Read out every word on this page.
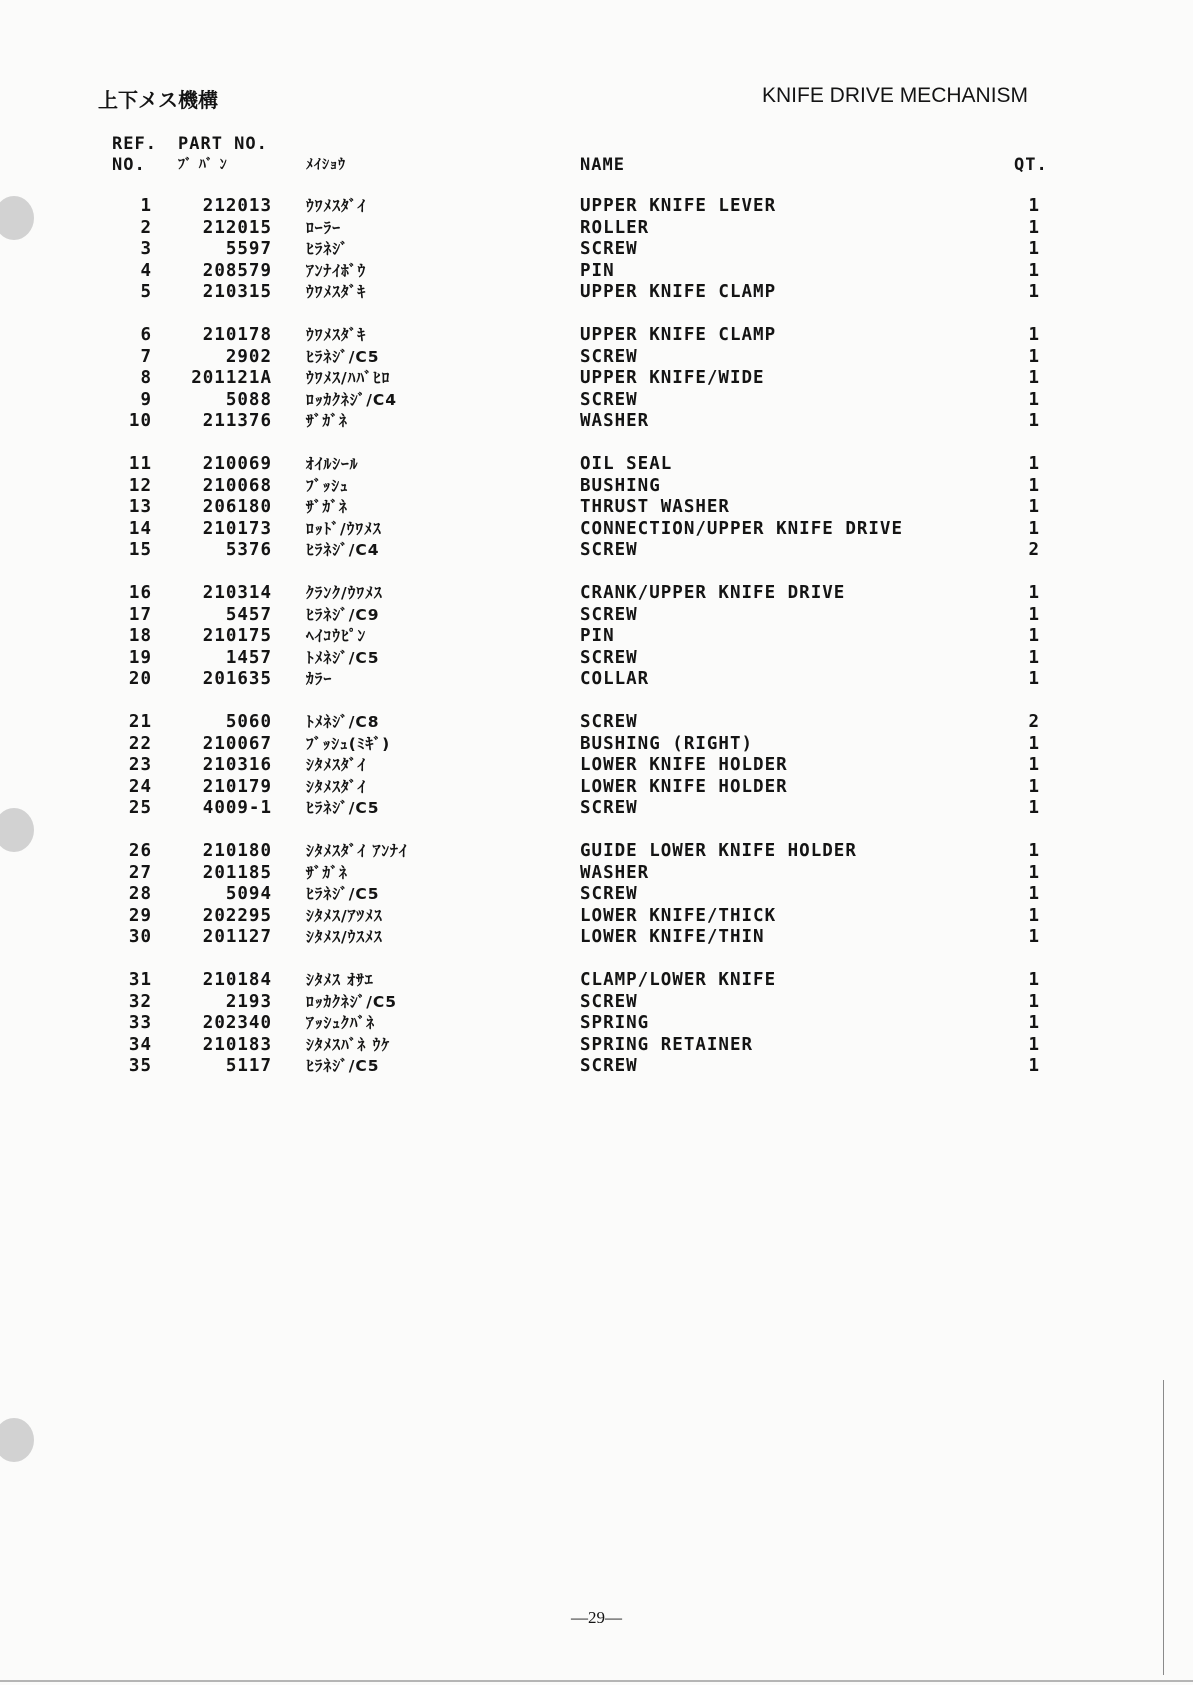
上下メス機構	KNIFE DRIVE MECHANISM
REF.
NO.
PART NO.
ﾌﾞ ﾊﾞ ﾝ	ﾒｲｼｮｳ	NAME	QT.
1	212013 ｳﾜﾒｽﾀﾞｲ	UPPER KNIFE LEVER	1
2	212015 ﾛｰﾗｰ	ROLLER	1
3	5597 ﾋﾗﾈｼﾞ	SCREW	1
4	208579 ｱﾝﾅｲﾎﾞｳ	PIN	1
5	210315 ｳﾜﾒｽﾀﾞｷ	UPPER KNIFE CLAMP	1
6	210178 ｳﾜﾒｽﾀﾞｷ	UPPER KNIFE CLAMP	1
7	2902 ﾋﾗﾈｼﾞ/C5	SCREW	1
8	201121A ｳﾜﾒｽ/ﾊﾊﾞﾋﾛ	UPPER KNIFE/WIDE	1
9	5088 ﾛｯｶｸﾈｼﾞ/C4	SCREW	1
10	211376 ｻﾞｶﾞﾈ	WASHER	1
11	210069 ｵｲﾙｼｰﾙ	OIL SEAL	1
12	210068 ﾌﾞｯｼｭ	BUSHING	1
13	206180 ｻﾞｶﾞﾈ	THRUST WASHER	1
14	210173 ﾛｯﾄﾞ/ｳﾜﾒｽ	CONNECTION/UPPER KNIFE DRIVE	1
15	5376 ﾋﾗﾈｼﾞ/C4	SCREW	2
16	210314 ｸﾗﾝｸ/ｳﾜﾒｽ	CRANK/UPPER KNIFE DRIVE	1
17	5457 ﾋﾗﾈｼﾞ/C9	SCREW	1
18	210175 ﾍｲｺｳﾋﾟﾝ	PIN	1
19	1457 ﾄﾒﾈｼﾞ/C5	SCREW	1
20	201635 ｶﾗｰ	COLLAR	1
21	5060 ﾄﾒﾈｼﾞ/C8	SCREW	2
22	210067 ﾌﾞｯｼｭ(ﾐｷﾞ)	BUSHING (RIGHT)	1
23	210316 ｼﾀﾒｽﾀﾞｲ	LOWER KNIFE HOLDER	1
24	210179 ｼﾀﾒｽﾀﾞｲ	LOWER KNIFE HOLDER	1
25	4009-1 ﾋﾗﾈｼﾞ/C5	SCREW	1
26	210180 ｼﾀﾒｽﾀﾞｲ ｱﾝﾅｲ	GUIDE LOWER KNIFE HOLDER	1
27	201185 ｻﾞｶﾞﾈ	WASHER	1
28	5094 ﾋﾗﾈｼﾞ/C5	SCREW	1
29	202295 ｼﾀﾒｽ/ｱﾂﾒｽ	LOWER KNIFE/THICK	1
30	201127 ｼﾀﾒｽ/ｳｽﾒｽ	LOWER KNIFE/THIN	1
31	210184 ｼﾀﾒｽ ｵｻｴ	CLAMP/LOWER KNIFE	1
32	2193 ﾛｯｶｸﾈｼﾞ/C5	SCREW	1
33	202340 ｱｯｼｭｸﾊﾞﾈ	SPRING	1
34	210183 ｼﾀﾒｽﾊﾞﾈ ｳｹ	SPRING RETAINER	1
35	5117 ﾋﾗﾈｼﾞ/C5	SCREW	1
—29—
